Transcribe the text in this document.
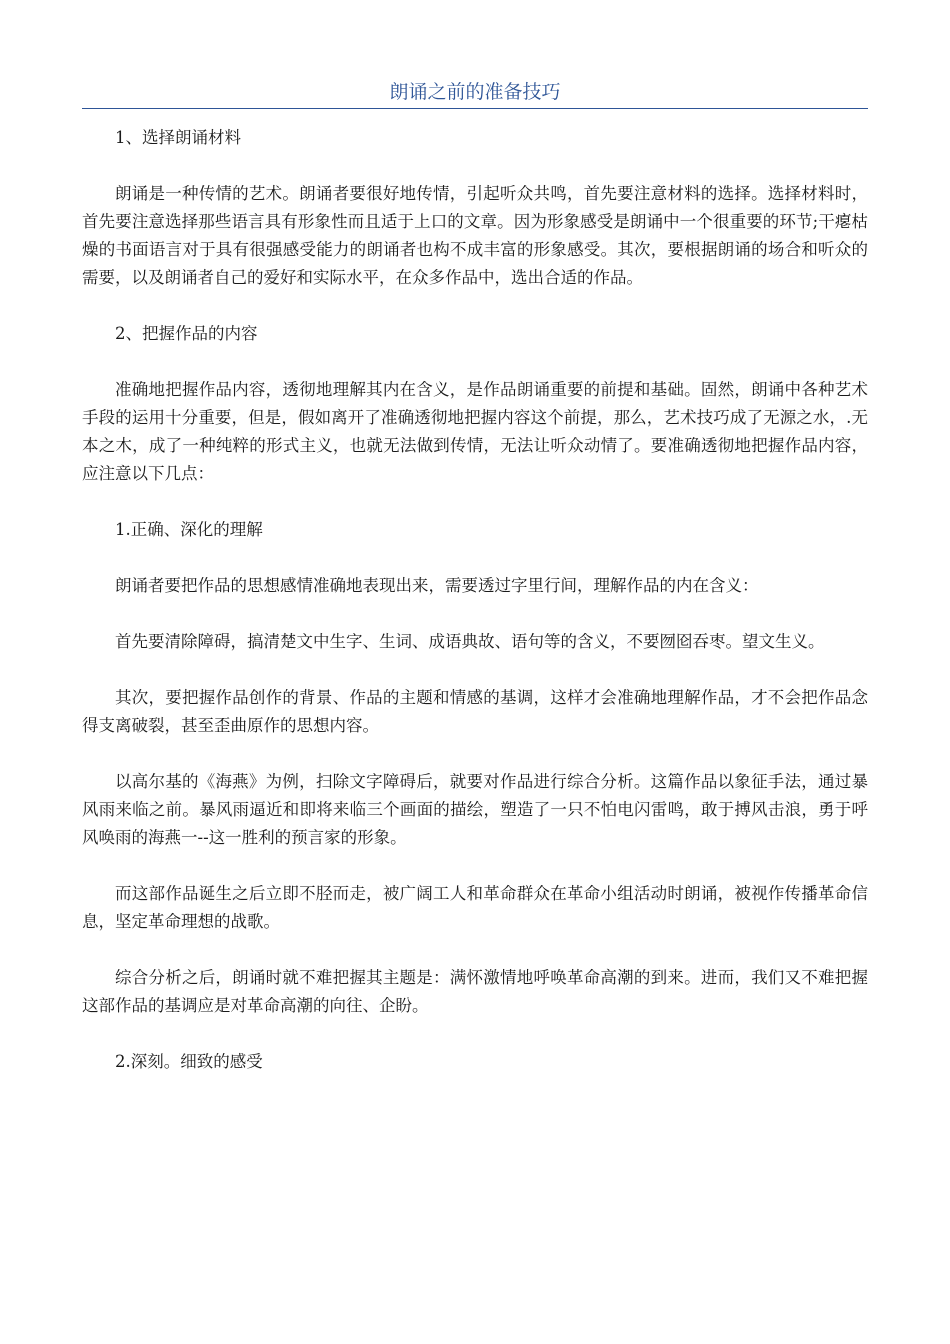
朗诵之前的准备技巧

1、选择朗诵材料

朗诵是一种传情的艺术。朗诵者要很好地传情，引起听众共鸣，首先要注意材料的选择。选择材料时，首先要注意选择那些语言具有形象性而且适于上口的文章。因为形象感受是朗诵中一个很重要的环节;干瘪枯燥的书面语言对于具有很强感受能力的朗诵者也构不成丰富的形象感受。其次，要根据朗诵的场合和听众的需要，以及朗诵者自己的爱好和实际水平，在众多作品中，选出合适的作品。

2、把握作品的内容

准确地把握作品内容，透彻地理解其内在含义，是作品朗诵重要的前提和基础。固然，朗诵中各种艺术手段的运用十分重要，但是，假如离开了准确透彻地把握内容这个前提，那么，艺术技巧成了无源之水，.无本之木，成了一种纯粹的形式主义，也就无法做到传情，无法让听众动情了。要准确透彻地把握作品内容，应注意以下几点：

1.正确、深化的理解

朗诵者要把作品的思想感情准确地表现出来，需要透过字里行间，理解作品的内在含义：

首先要清除障碍，搞清楚文中生字、生词、成语典故、语句等的含义，不要囫囵吞枣。望文生义。

其次，要把握作品创作的背景、作品的主题和情感的基调，这样才会准确地理解作品，才不会把作品念得支离破裂，甚至歪曲原作的思想内容。

以高尔基的《海燕》为例，扫除文字障碍后，就要对作品进行综合分析。这篇作品以象征手法，通过暴风雨来临之前。暴风雨逼近和即将来临三个画面的描绘，塑造了一只不怕电闪雷鸣，敢于搏风击浪，勇于呼风唤雨的海燕一--这一胜利的预言家的形象。

而这部作品诞生之后立即不胫而走，被广阔工人和革命群众在革命小组活动时朗诵，被视作传播革命信息，坚定革命理想的战歌。

综合分析之后，朗诵时就不难把握其主题是：满怀激情地呼唤革命高潮的到来。进而，我们又不难把握这部作品的基调应是对革命高潮的向往、企盼。

2.深刻。细致的感受
